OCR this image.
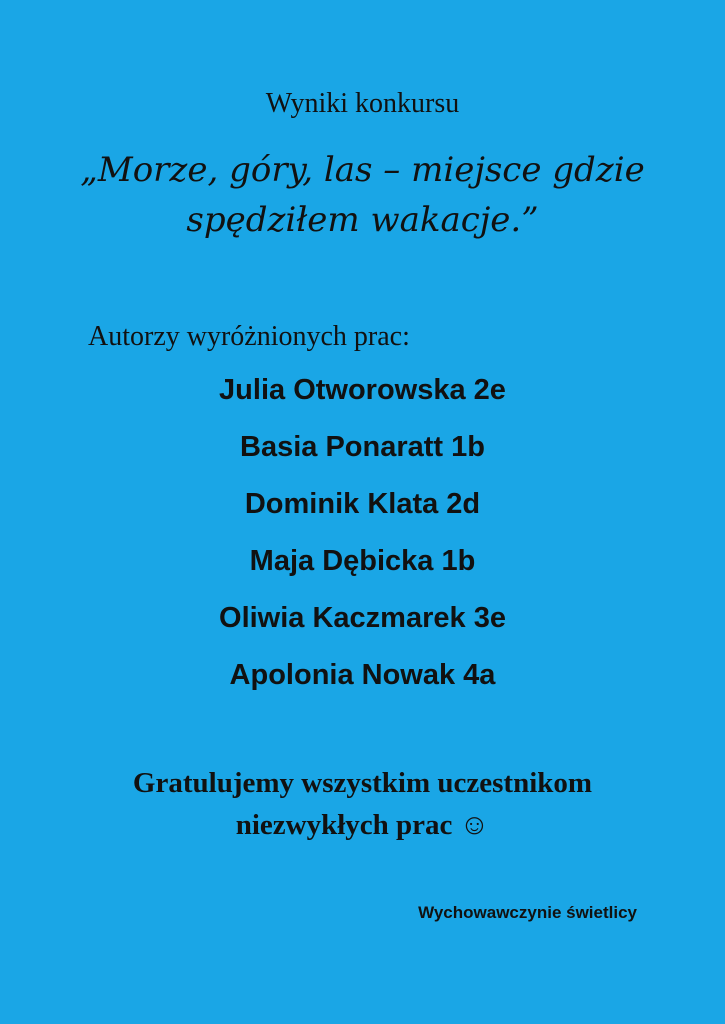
Wyniki konkursu
„Morze, góry, las – miejsce gdzie
spędziłem wakacje.”
Autorzy wyróżnionych prac:
Julia Otworowska 2e
Basia Ponaratt 1b
Dominik Klata 2d
Maja Dębicka 1b
Oliwia Kaczmarek 3e
Apolonia Nowak 4a
Gratulujemy wszystkim uczestnikom
niezwykłych prac ☺
Wychowawczynie świetlicy
